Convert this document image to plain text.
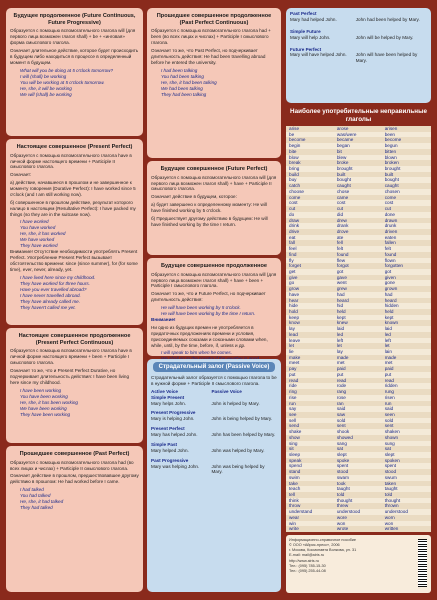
Будущее продолженное (Future Continuous, Future Progressive)

Образуется с помощью вспомогательного глагола will (для первого лица возможен глагол shall) + be + «инговая» форма смыслового глагола.

Означает длительное действие, которое будет происходить в будущем либо находиться в процессе в определенный момент в будущем.

What will you be doing at 5 o'clock tomorrow?

I will (shall) be working

You will be working at 5 o'clock tomorrow.

He, she, it will be working

We will (shall) be working

Настоящее совершенное (Present Perfect)

Образуется с помощью вспомогательного глагола have в личной форме настоящего времени + Participle II смыслового глагола.

Означает:

а) действие, начавшееся в прошлом и не завершенное к моменту говорения (Durative Perfect): I have worked since 5 o'clock (and I am still working now).

б) совершенное в прошлом действие, результат которого налицо в настоящем (Resultative Perfect): I have packed my things (so they are in the suitcase now).

I have worked

You have worked

He, she, it has worked

We have worked

They have worked

Внимание! Отсутствие необходимости употреблять Present Perfect. Употребление Present Perfect вызывает обстоятельство времени: since (since summer), for (for some time), ever, never, already, yet.

I have lived here since my childhood.

They have worked for three hours.

Have you ever travelled abroad?

I have never travelled abroad.

They have already called me.

They haven't called me yet.

Настоящее совершенное продолженное (Present Perfect Continuous)

Образуется с помощью вспомогательного глагола have в личной форме настоящего времени + been + Participle I смыслового глагола.

Означает то же, что и Present Perfect Durative, но подчеркивает длительность действия: I have been living here since my childhood.

I have been working

You have been working

He, she, it has been working

We have been working

They have been working

Прошедшее совершенное (Past Perfect)

Образуется с помощью вспомогательного глагола had (во всех лицах и числах) + Participle II смыслового глагола.

Означает действие в прошлом, предшествовавшее другому действию в прошлом: He had worked before I came.

I had talked

You had talked

He, she, it had talked

They had talked

Прошедшее совершенное продолженное (Past Perfect Continuous)

Образуется с помощью вспомогательного глагола had + been (во всех лицах и числах) + Participle I смыслового глагола.

Означает то же, что Past Perfect, но подчеркивает длительность действия: He had been travelling abroad before he entered the university.

I had been talking

You had been talking

He, she, it had been talking

We had been talking

They had been talking

Будущее совершенное (Future Perfect)

Образуется с помощью вспомогательного глагола will (для первого лица возможен глагол shall) + have + Participle II смыслового глагола.

Означает действие в будущем, которое:

а) будет завершено к определенному моменту: He will have finished working by 5 o'clock.

б) Предшествует другому действию в будущем: He will have finished working by the time I return.

Будущее совершенное продолженное

Образуется с помощью вспомогательного глагола will (для первого лица возможен глагол shall) + have + been + Participle I смыслового глагола.

Означает то же, что и Future Perfect, но подчеркивает длительность действия:

He will have been working by 5 o'clock.

He will have been working by the time I return.

Внимание!

Ни одно из будущих времен не употребляется в придаточных предложениях времени и условия, присоединяемых союзами и союзными словами when, while, until, by the time, before, if, unless и др.

I will speak to him when he comes.

Страдательный залог (Passive Voice)

Страдательный залог образуется с помощью глагола to be в нужной форме + Participle II смыслового глагола.

Active Voice	Passive Voice
Simple Present
Mary helps John.	John is helped by Mary.
Present Progressive
Mary is helping John.	John is being helped by Mary.
Present Perfect
Mary has helped John.	John has been helped by Mary.
Simple Past
Mary helped John.	John was helped by Mary.
Past Progressive
Mary was helping John.	John was being helped by Mary.
Past Perfect
Mary had helped John.	John had been helped by Mary.
Simple Future
Mary will help John.	John will be helped by Mary.
Future Perfect
Mary will have helped John.	John will have been helped by Mary.
Наиболее употребительные неправильные глаголы
arise	arose	arisen
be	was/were	been
become	became	become
begin	began	begun
bite	bit	bitten
blow	blew	blown
break	broke	broken
bring	brought	brought
build	built	built
buy	bought	bought
catch	caught	caught
choose	chose	chosen
come	came	come
cost	cost	cost
cut	cut	cut
do	did	done
draw	drew	drawn
drink	drank	drunk
drive	drove	driven
eat	ate	eaten
fall	fell	fallen
feel	felt	felt
find	found	found
fly	flew	flown
forget	forgot	forgotten
get	got	got
give	gave	given
go	went	gone
grow	grew	grown
have	had	had
hear	heard	heard
hide	hid	hidden
hold	held	held
keep	kept	kept
know	knew	known
lay	laid	laid
lead	led	led
leave	left	left
let	let	let
lie	lay	lain
make	made	made
meet	met	met
pay	paid	paid
put	put	put
read	read	read
ride	rode	ridden
ring	rang	rung
rise	rose	risen
run	ran	run
say	said	said
see	saw	seen
sell	sold	sold
send	sent	sent
shake	shook	shaken
show	showed	shown
sing	sang	sung
sit	sat	sat
sleep	slept	slept
speak	spoke	spoken
spend	spent	spent
stand	stood	stood
swim	swam	swum
take	took	taken
teach	taught	taught
tell	told	told
think	thought	thought
throw	threw	thrown
understand	understood	understood
wear	wore	worn
win	won	won
write	wrote	written
Информационно-справочное пособие
© ООО «Айрис-пресс», 2006
г. Москва, Космонавта Волкова, ул. 31
E-mail: mail@airis.ru
http://www.airis.ru
Тел.: (095) 785-15-30
Тел.: (095) 255-44-08
